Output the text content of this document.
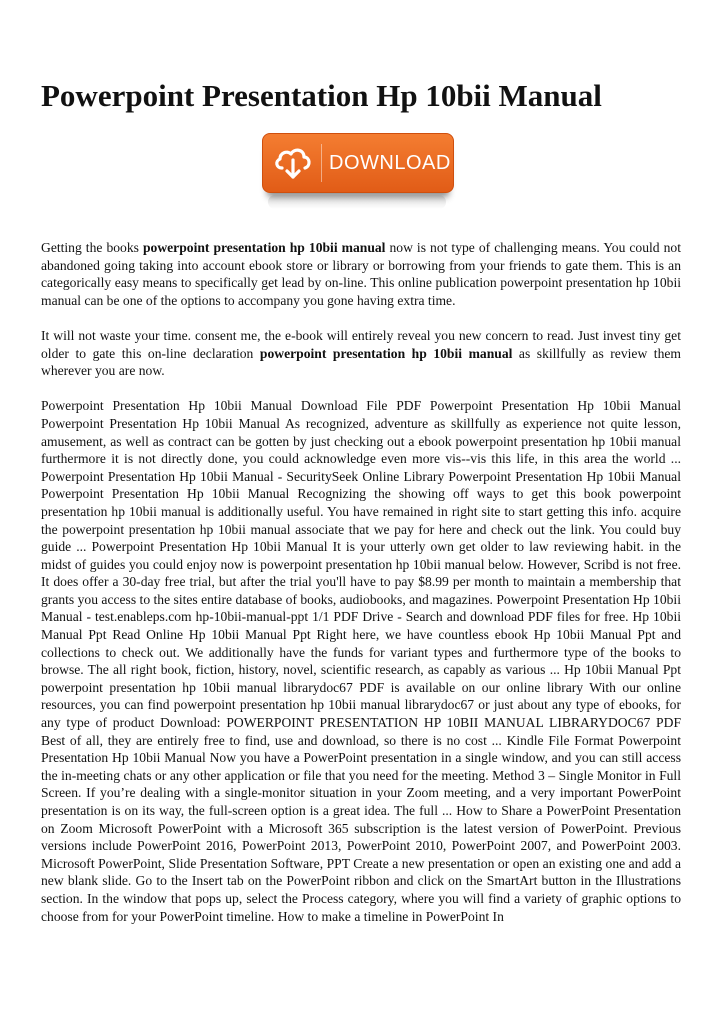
Powerpoint Presentation Hp 10bii Manual
DOWNLOAD

Getting the books powerpoint presentation hp 10bii manual now is not type of challenging means. You could not abandoned going taking into account ebook store or library or borrowing from your friends to gate them. This is an categorically easy means to specifically get lead by on-line. This online publication powerpoint presentation hp 10bii manual can be one of the options to accompany you gone having extra time.

It will not waste your time. consent me, the e-book will entirely reveal you new concern to read. Just invest tiny get older to gate this on-line declaration powerpoint presentation hp 10bii manual as skillfully as review them wherever you are now.

Powerpoint Presentation Hp 10bii Manual Download File PDF Powerpoint Presentation Hp 10bii Manual Powerpoint Presentation Hp 10bii Manual As recognized, adventure as skillfully as experience not quite lesson, amusement, as well as contract can be gotten by just checking out a ebook powerpoint presentation hp 10bii manual furthermore it is not directly done, you could acknowledge even more vis--vis this life, in this area the world ... Powerpoint Presentation Hp 10bii Manual - SecuritySeek Online Library Powerpoint Presentation Hp 10bii Manual Powerpoint Presentation Hp 10bii Manual Recognizing the showing off ways to get this book powerpoint presentation hp 10bii manual is additionally useful. You have remained in right site to start getting this info. acquire the powerpoint presentation hp 10bii manual associate that we pay for here and check out the link. You could buy guide ... Powerpoint Presentation Hp 10bii Manual It is your utterly own get older to law reviewing habit. in the midst of guides you could enjoy now is powerpoint presentation hp 10bii manual below. However, Scribd is not free. It does offer a 30-day free trial, but after the trial you'll have to pay $8.99 per month to maintain a membership that grants you access to the sites entire database of books, audiobooks, and magazines. Powerpoint Presentation Hp 10bii Manual - test.enableps.com hp-10bii-manual-ppt 1/1 PDF Drive - Search and download PDF files for free. Hp 10bii Manual Ppt Read Online Hp 10bii Manual Ppt Right here, we have countless ebook Hp 10bii Manual Ppt and collections to check out. We additionally have the funds for variant types and furthermore type of the books to browse. The all right book, fiction, history, novel, scientific research, as capably as various ... Hp 10bii Manual Ppt powerpoint presentation hp 10bii manual librarydoc67 PDF is available on our online library With our online resources, you can find powerpoint presentation hp 10bii manual librarydoc67 or just about any type of ebooks, for any type of product Download: POWERPOINT PRESENTATION HP 10BII MANUAL LIBRARYDOC67 PDF Best of all, they are entirely free to find, use and download, so there is no cost ... Kindle File Format Powerpoint Presentation Hp 10bii Manual Now you have a PowerPoint presentation in a single window, and you can still access the in-meeting chats or any other application or file that you need for the meeting. Method 3 – Single Monitor in Full Screen. If you’re dealing with a single-monitor situation in your Zoom meeting, and a very important PowerPoint presentation is on its way, the full-screen option is a great idea. The full ... How to Share a PowerPoint Presentation on Zoom Microsoft PowerPoint with a Microsoft 365 subscription is the latest version of PowerPoint. Previous versions include PowerPoint 2016, PowerPoint 2013, PowerPoint 2010, PowerPoint 2007, and PowerPoint 2003. Microsoft PowerPoint, Slide Presentation Software, PPT Create a new presentation or open an existing one and add a new blank slide. Go to the Insert tab on the PowerPoint ribbon and click on the SmartArt button in the Illustrations section. In the window that pops up, select the Process category, where you will find a variety of graphic options to choose from for your PowerPoint timeline. How to make a timeline in PowerPoint In
